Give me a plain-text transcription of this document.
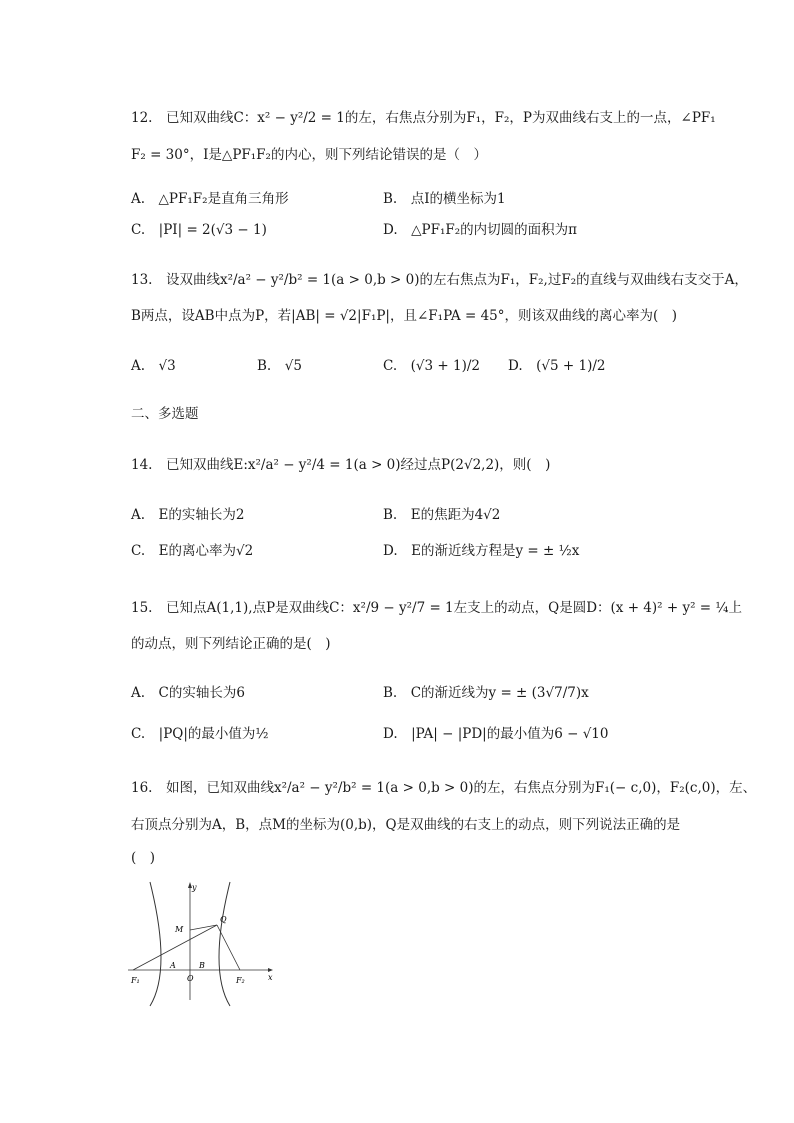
12.　已知双曲线C：x² − y²/2 = 1的左，右焦点分别为F₁，F₂，P为双曲线右支上的一点，∠PF₁
F₂ = 30°，I是△PF₁F₂的内心，则下列结论错误的是（　）
A.　△PF₁F₂是直角三角形	B.　点I的横坐标为1
C.　|PI| = 2(√3 − 1)	D.　△PF₁F₂的内切圆的面积为π
13.　设双曲线x²/a² − y²/b² = 1(a > 0,b > 0)的左右焦点为F₁，F₂,过F₂的直线与双曲线右支交于A，
B两点，设AB中点为P，若|AB| = √2|F₁P|，且∠F₁PA = 45°，则该双曲线的离心率为(　)
A.　√3	B.　√5	C.　(√3 + 1)/2 D.　(√5 + 1)/2
二、多选题
14.　已知双曲线E:x²/a² − y²/4 = 1(a > 0)经过点P(2√2,2)，则(　)
A.　E的实轴长为2	B.　E的焦距为4√2
C.　E的离心率为√2	D.　E的渐近线方程是y = ± ½x
15.　已知点A(1,1),点P是双曲线C：x²/9 − y²/7 = 1左支上的动点，Q是圆D：(x + 4)² + y² = ¼上
的动点，则下列结论正确的是(　)
A.　C的实轴长为6	B.　C的渐近线为y = ± (3√7/7)x
C.　|PQ|的最小值为½	D.　|PA| − |PD|的最小值为6 − √10
16.　如图，已知双曲线x²/a² − y²/b² = 1(a > 0,b > 0)的左，右焦点分别为F₁(− c,0)，F₂(c,0)，左、
右顶点分别为A，B，点M的坐标为(0,b)，Q是双曲线的右支上的动点，则下列说法正确的是
(　)
y
x
M
Q
A	B
O
F₁	F₂
